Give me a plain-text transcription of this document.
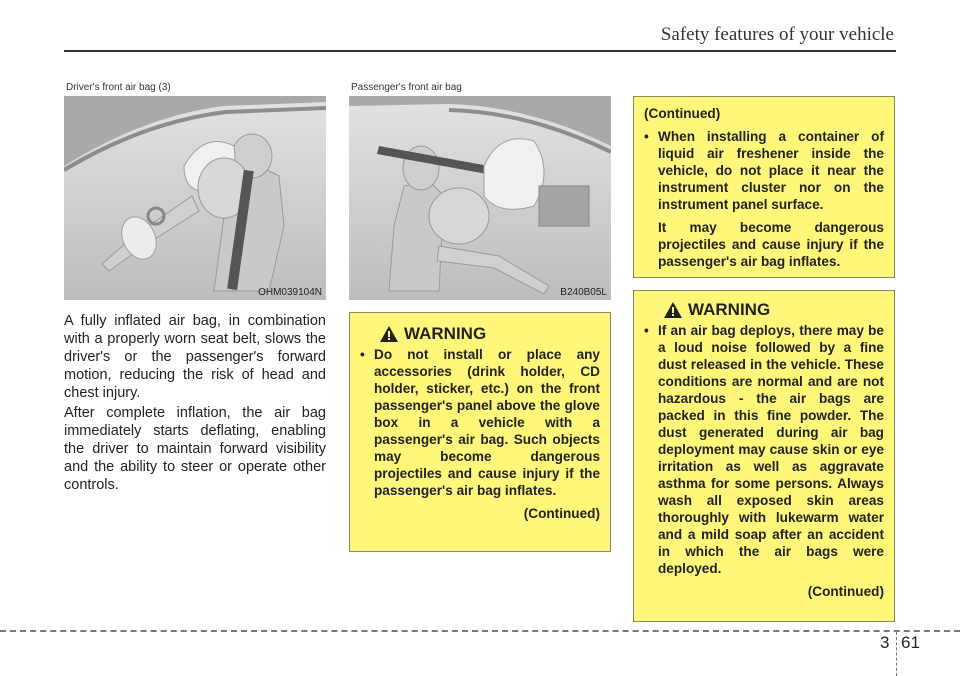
Safety features of your vehicle
Driver's front air bag (3)
OHM039104N
Passenger's front air bag
B240B05L

A fully inflated air bag, in combination with a properly worn seat belt, slows the driver's or the passenger's forward motion, reducing the risk of head and chest injury.

After complete inflation, the air bag immediately starts deflating, enabling the driver to maintain forward visibility and the ability to steer or operate other controls.

WARNING
• Do not install or place any accessories (drink holder, CD holder, sticker, etc.) on the front passenger's panel above the glove box in a vehicle with a passenger's air bag. Such objects may become dangerous projectiles and cause injury if the passenger's air bag inflates.
(Continued)
(Continued)
• When installing a container of liquid air freshener inside the vehicle, do not place it near the instrument cluster nor on the instrument panel surface.
It may become dangerous projectiles and cause injury if the passenger's air bag inflates.
WARNING
• If an air bag deploys, there may be a loud noise followed by a fine dust released in the vehicle. These conditions are normal and are not hazardous - the air bags are packed in this fine powder. The dust generated during air bag deployment may cause skin or eye irritation as well as aggravate asthma for some persons. Always wash all exposed skin areas thoroughly with lukewarm water and a mild soap after an accident in which the air bags were deployed.
(Continued)
3 61
